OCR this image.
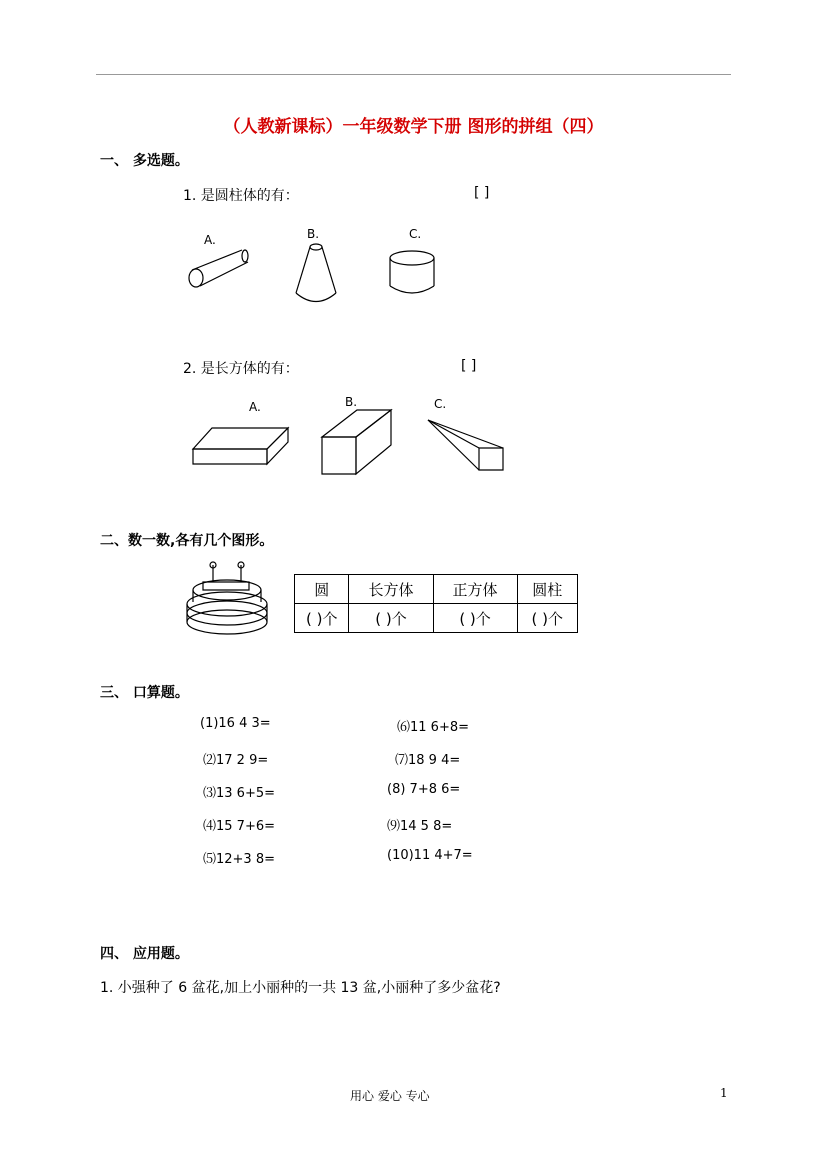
（人教新课标）一年级数学下册 图形的拼组（四）
一、 多选题。
1. 是圆柱体的有：	[ ]
A.	B.	C.
2. 是长方体的有：	[ ]
A.	B.	C.
二、数一数,各有几个图形。
圆	长方体	正方体	圆柱
( )个	( )个	( )个	( )个
三、 口算题。
(1)16 4 3=
⑵17 2 9=
⑶13 6+5=
⑷15 7+6=
⑸12+3 8=
⑹11 6+8=
⑺18 9 4=
(8) 7+8 6=
⑼14 5 8=
(10)11 4+7=
四、 应用题。
1. 小强种了 6 盆花,加上小丽种的一共 13 盆,小丽种了多少盆花?
用心 爱心 专心	1
